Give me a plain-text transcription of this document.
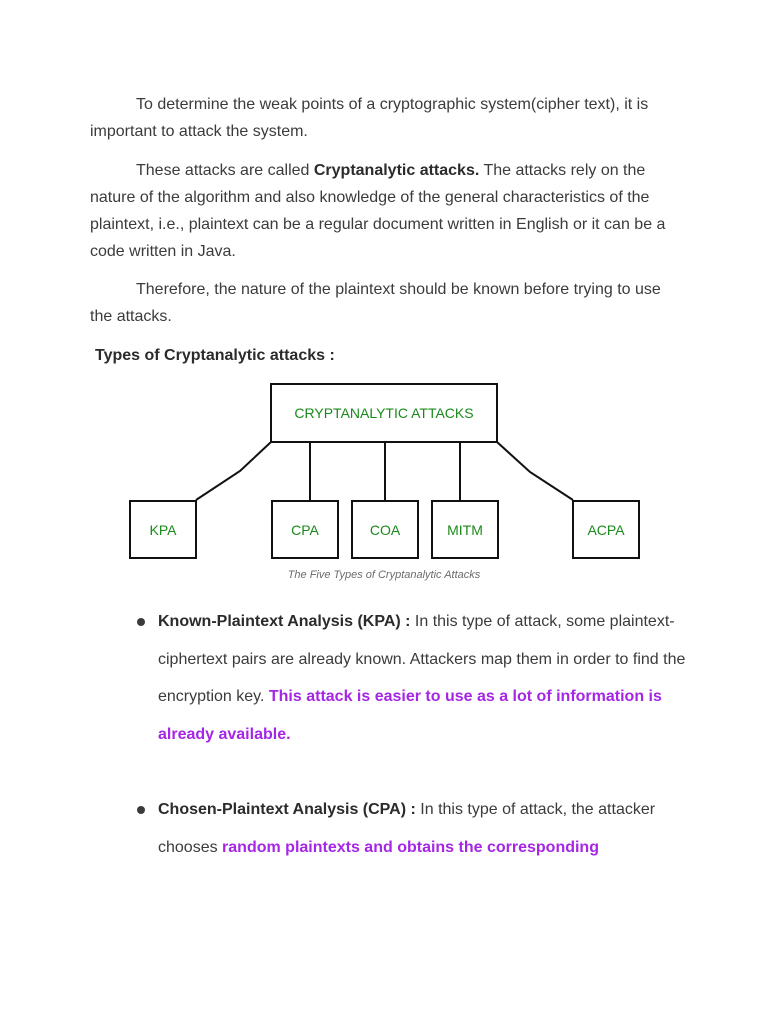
To determine the weak points of a cryptographic system(cipher text), it is important to attack the system.

These attacks are called Cryptanalytic attacks. The attacks rely on the nature of the algorithm and also knowledge of the general characteristics of the plaintext, i.e., plaintext can be a regular document written in English or it can be a code written in Java.

Therefore, the nature of the plaintext should be known before trying to use the attacks.

Types of Cryptanalytic attacks :

CRYPTANALYTIC ATTACKS
KPA	CPA	COA	MITM	ACPA
The Five Types of Cryptanalytic Attacks

Known-Plaintext Analysis (KPA) : In this type of attack, some plaintext-ciphertext pairs are already known. Attackers map them in order to find the encryption key. This attack is easier to use as a lot of information is already available.

Chosen-Plaintext Analysis (CPA) : In this type of attack, the attacker chooses random plaintexts and obtains the corresponding
